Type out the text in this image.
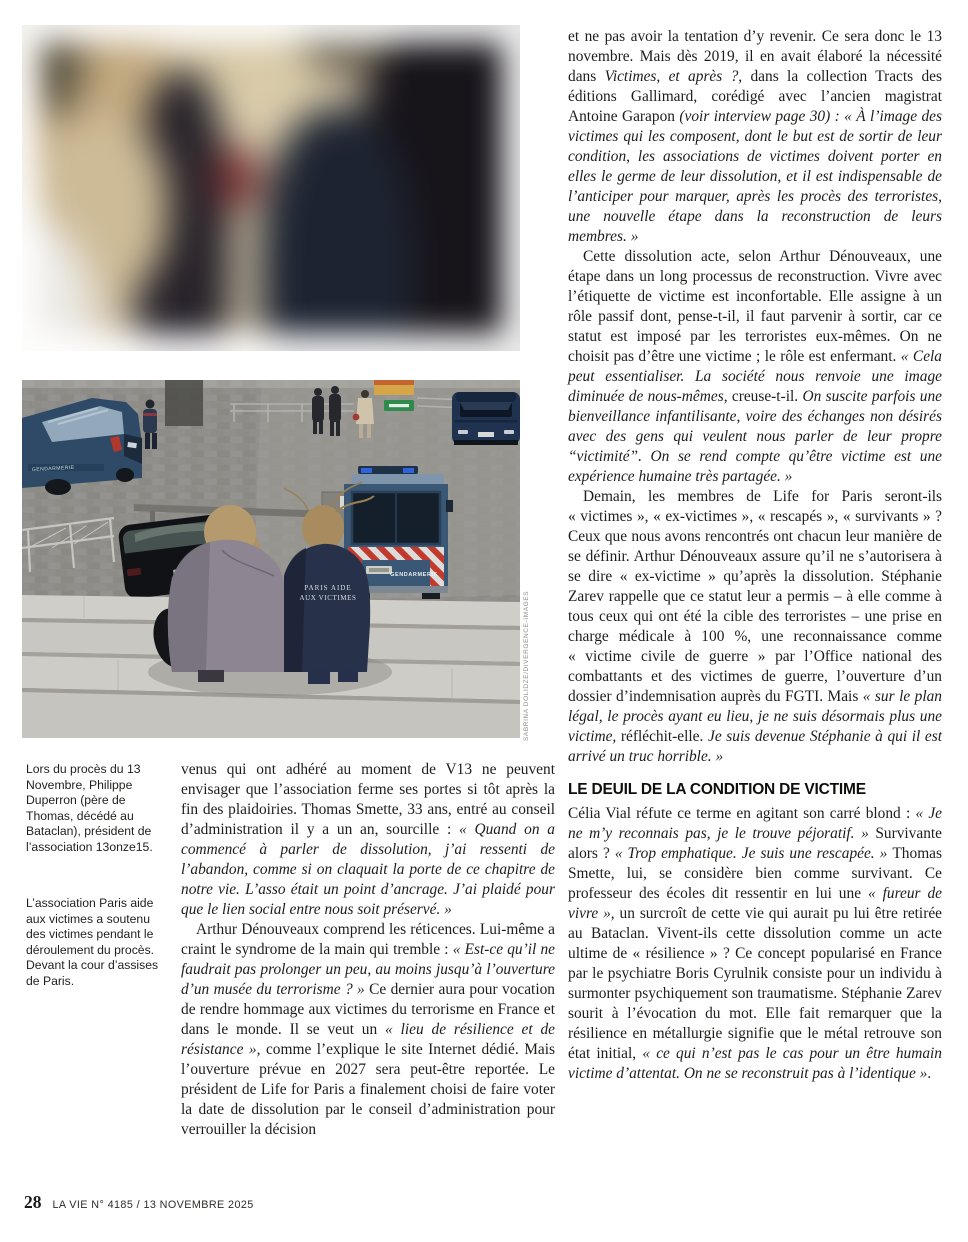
GENDARMERIE
GENDARMERIE
PARIS AIDE
AUX VICTIMES	SABRINA DOLIDZE/DIVERGENCE-IMAGES
Lors du procès du 13 Novembre, Philippe Duperron (père de Thomas, décédé au Bataclan), président de l’association 13onze15.
L’association Paris aide aux victimes a soutenu des victimes pendant le déroulement du procès. Devant la cour d’assises de Paris.

venus qui ont adhéré au moment de V13 ne peuvent envisager que l’association ferme ses portes si tôt après la fin des plaidoiries. Thomas Smette, 33 ans, entré au conseil d’administration il y a un an, sourcille : « Quand on a commencé à parler de dissolution, j’ai ressenti de l’abandon, comme si on claquait la porte de ce chapitre de notre vie. L’asso était un point d’ancrage. J’ai plaidé pour que le lien social entre nous soit préservé. »

Arthur Dénouveaux comprend les réticences. Lui-même a craint le syndrome de la main qui tremble : « Est-ce qu’il ne faudrait pas prolonger un peu, au moins jusqu’à l’ouverture d’un musée du terrorisme ? » Ce dernier aura pour vocation de rendre hommage aux victimes du terrorisme en France et dans le monde. Il se veut un « lieu de résilience et de résistance », comme l’explique le site Internet dédié. Mais l’ouverture prévue en 2027 sera peut-être reportée. Le président de Life for Paris a finalement choisi de faire voter la date de dissolution par le conseil d’administration pour verrouiller la décision

et ne pas avoir la tentation d’y revenir. Ce sera donc le 13 novembre. Mais dès 2019, il en avait élaboré la nécessité dans Victimes, et après ?, dans la collection Tracts des éditions Gallimard, corédigé avec l’ancien magistrat Antoine Garapon (voir interview page 30) : « À l’image des victimes qui les composent, dont le but est de sortir de leur condition, les associations de victimes doivent porter en elles le germe de leur dissolution, et il est indispensable de l’anticiper pour marquer, après les procès des terroristes, une nouvelle étape dans la reconstruction de leurs membres. »

Cette dissolution acte, selon Arthur Dénouveaux, une étape dans un long processus de reconstruction. Vivre avec l’étiquette de victime est inconfortable. Elle assigne à un rôle passif dont, pense-t-il, il faut parvenir à sortir, car ce statut est imposé par les terroristes eux-mêmes. On ne choisit pas d’être une victime ; le rôle est enfermant. « Cela peut essentialiser. La société nous renvoie une image diminuée de nous-mêmes, creuse-t-il. On suscite parfois une bienveillance infantilisante, voire des échanges non désirés avec des gens qui veulent nous parler de leur propre “victimité”. On se rend compte qu’être victime est une expérience humaine très partagée. »

Demain, les membres de Life for Paris seront-ils « victimes », « ex-victimes », « rescapés », « survivants » ? Ceux que nous avons rencontrés ont chacun leur manière de se définir. Arthur Dénouveaux assure qu’il ne s’autorisera à se dire « ex-victime » qu’après la dissolution. Stéphanie Zarev rappelle que ce statut leur a permis – à elle comme à tous ceux qui ont été la cible des terroristes – une prise en charge médicale à 100 %, une reconnaissance comme « victime civile de guerre » par l’Office national des combattants et des victimes de guerre, l’ouverture d’un dossier d’indemnisation auprès du FGTI. Mais « sur le plan légal, le procès ayant eu lieu, je ne suis désormais plus une victime, réfléchit-elle. Je suis devenue Stéphanie à qui il est arrivé un truc horrible. »

LE DEUIL DE LA CONDITION DE VICTIME

Célia Vial réfute ce terme en agitant son carré blond : « Je ne m’y reconnais pas, je le trouve péjoratif. » Survivante alors ? « Trop emphatique. Je suis une rescapée. » Thomas Smette, lui, se considère bien comme survivant. Ce professeur des écoles dit ressentir en lui une « fureur de vivre », un surcroît de cette vie qui aurait pu lui être retirée au Bataclan. Vivent-ils cette dissolution comme un acte ultime de « résilience » ? Ce concept popularisé en France par le psychiatre Boris Cyrulnik consiste pour un individu à surmonter psychiquement son traumatisme. Stéphanie Zarev sourit à l’évocation du mot. Elle fait remarquer que la résilience en métallurgie signifie que le métal retrouve son état initial, « ce qui n’est pas le cas pour un être humain victime d’attentat. On ne se reconstruit pas à l’identique ».

28 LA VIE N° 4185 / 13 NOVEMBRE 2025
